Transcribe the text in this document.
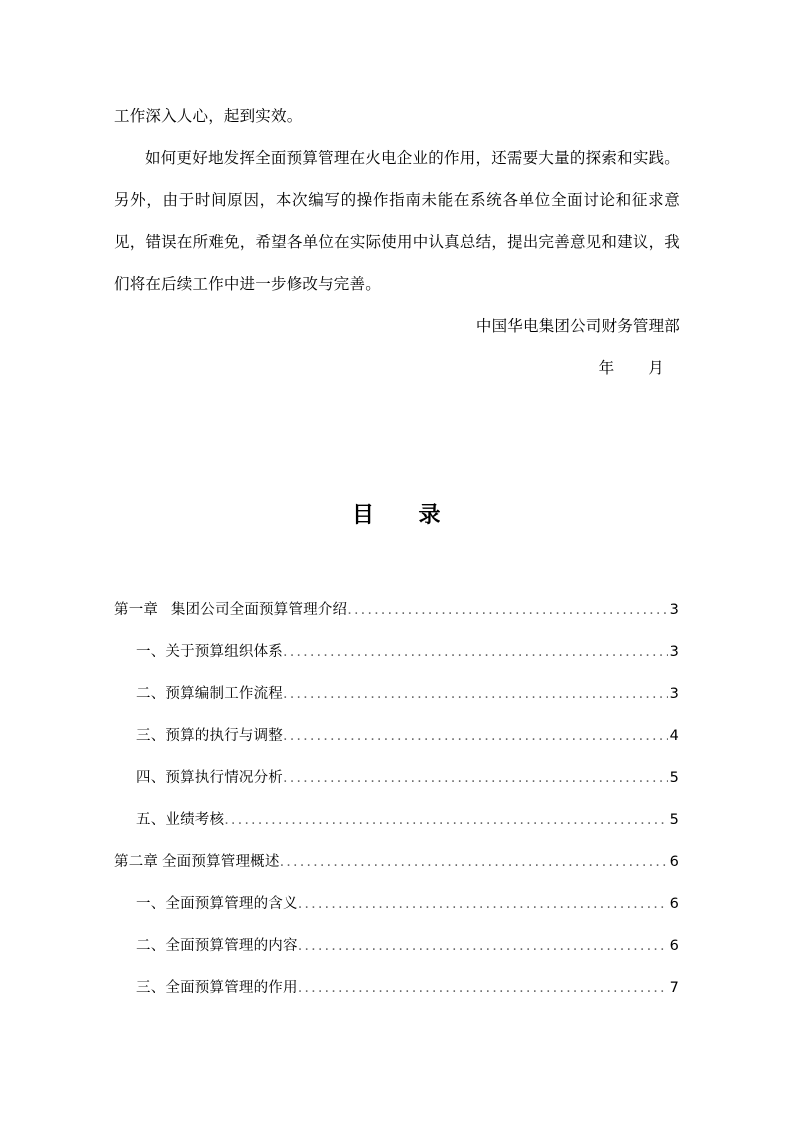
工作深入人心，起到实效。

如何更好地发挥全面预算管理在火电企业的作用，还需要大量的探索和实践。另外，由于时间原因，本次编写的操作指南未能在系统各单位全面讨论和征求意见，错误在所难免，希望各单位在实际使用中认真总结，提出完善意见和建议，我们将在后续工作中进一步修改与完善。

中国华电集团公司财务管理部

年 月

目 录
第一章 集团公司全面预算管理介绍 .....	3
一、关于预算组织体系 .....	3
二、预算编制工作流程 .....	3
三、预算的执行与调整 .....	4
四、预算执行情况分析 .....	5
五、业绩考核 .....	5
第二章 全面预算管理概述 .....	6
一、全面预算管理的含义 .....	6
二、全面预算管理的内容 .....	6
三、全面预算管理的作用 .....	7
